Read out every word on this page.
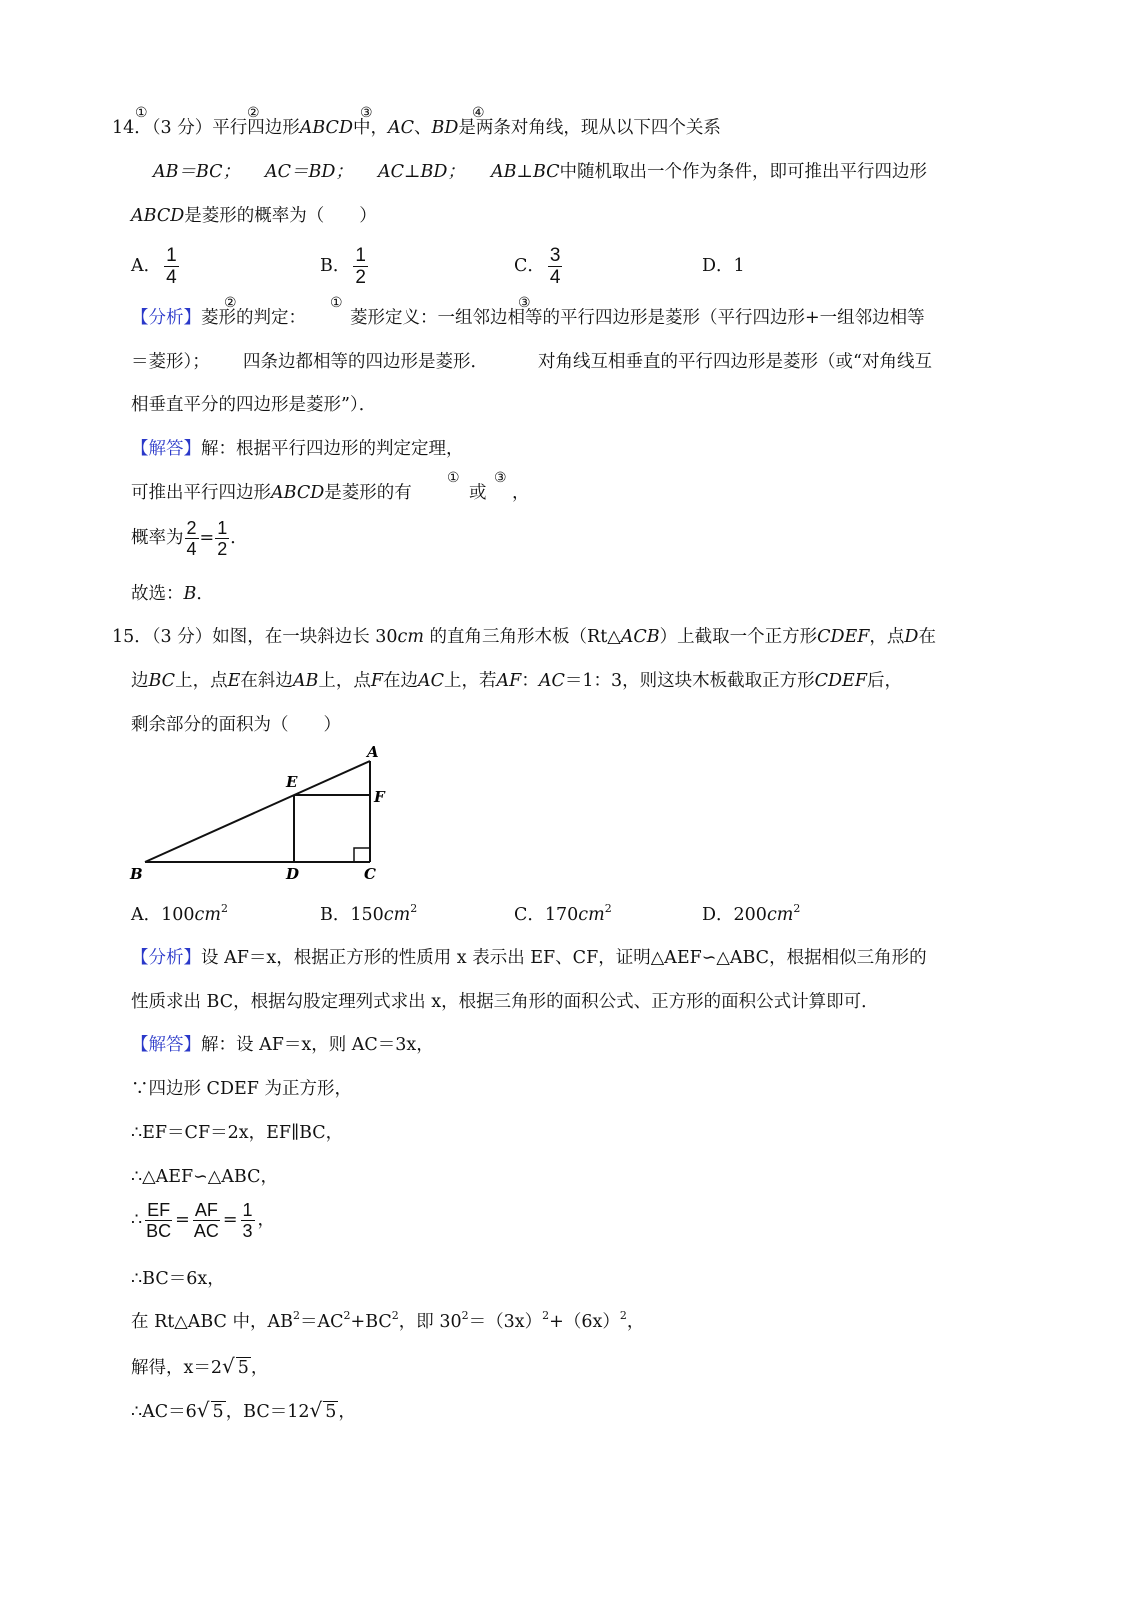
①	②	③	④
14．（3 分）平行四边形ABCD中，AC、BD是两条对角线，现从以下四个关系
AB＝BC； AC＝BD； AC⊥BD； AB⊥BC中随机取出一个作为条件，即可推出平行四边形
ABCD是菱形的概率为（　　）
A． $\frac{1}{4}$	B． $\frac{1}{2}$	C． $\frac{3}{4}$	D．1
②	①	③
【分析】菱形的判定：	菱形定义：一组邻边相等的平行四边形是菱形（平行四边形+一组邻边相等
＝菱形）； 四条边都相等的四边形是菱形．	对角线互相垂直的平行四边形是菱形（或“对角线互
相垂直平分的四边形是菱形”）．
【解答】解：根据平行四边形的判定定理，
① ③
可推出平行四边形ABCD是菱形的有	或 ，
概率为 $\frac{2}{4} = \frac{1}{2}$ ．
故选：B．
15．（3 分）如图，在一块斜边长 30cm 的直角三角形木板（Rt△ACB）上截取一个正方形CDEF，点D在
边BC上，点E在斜边AB上，点F在边AC上，若AF：AC＝1：3，则这块木板截取正方形CDEF后，
剩余部分的面积为（　　）
A
E
F
B	D	C
A．$100cm^2$	B．$150cm^2$	C．$170cm^2$	D．$200cm^2$
【分析】设 AF＝x，根据正方形的性质用 x 表示出 EF、CF，证明△AEF∽△ABC，根据相似三角形的
性质求出 BC，根据勾股定理列式求出 x，根据三角形的面积公式、正方形的面积公式计算即可．
【解答】解：设 AF＝x，则 AC＝3x，
∵四边形 CDEF 为正方形，
∴EF＝CF＝2x，EF∥BC，
∴△AEF∽△ABC，
∴ $\frac{EF}{BC} = \frac{AF}{AC} = \frac{1}{3}$ ，
∴BC＝6x，
在 Rt△ABC 中，$AB^2=AC^2+BC^2$，即 $30^2=(3x)^2+(6x)^2$，
解得，x＝2√ 5 ，
∴AC＝6√ 5 ，BC＝12√ 5 ，
